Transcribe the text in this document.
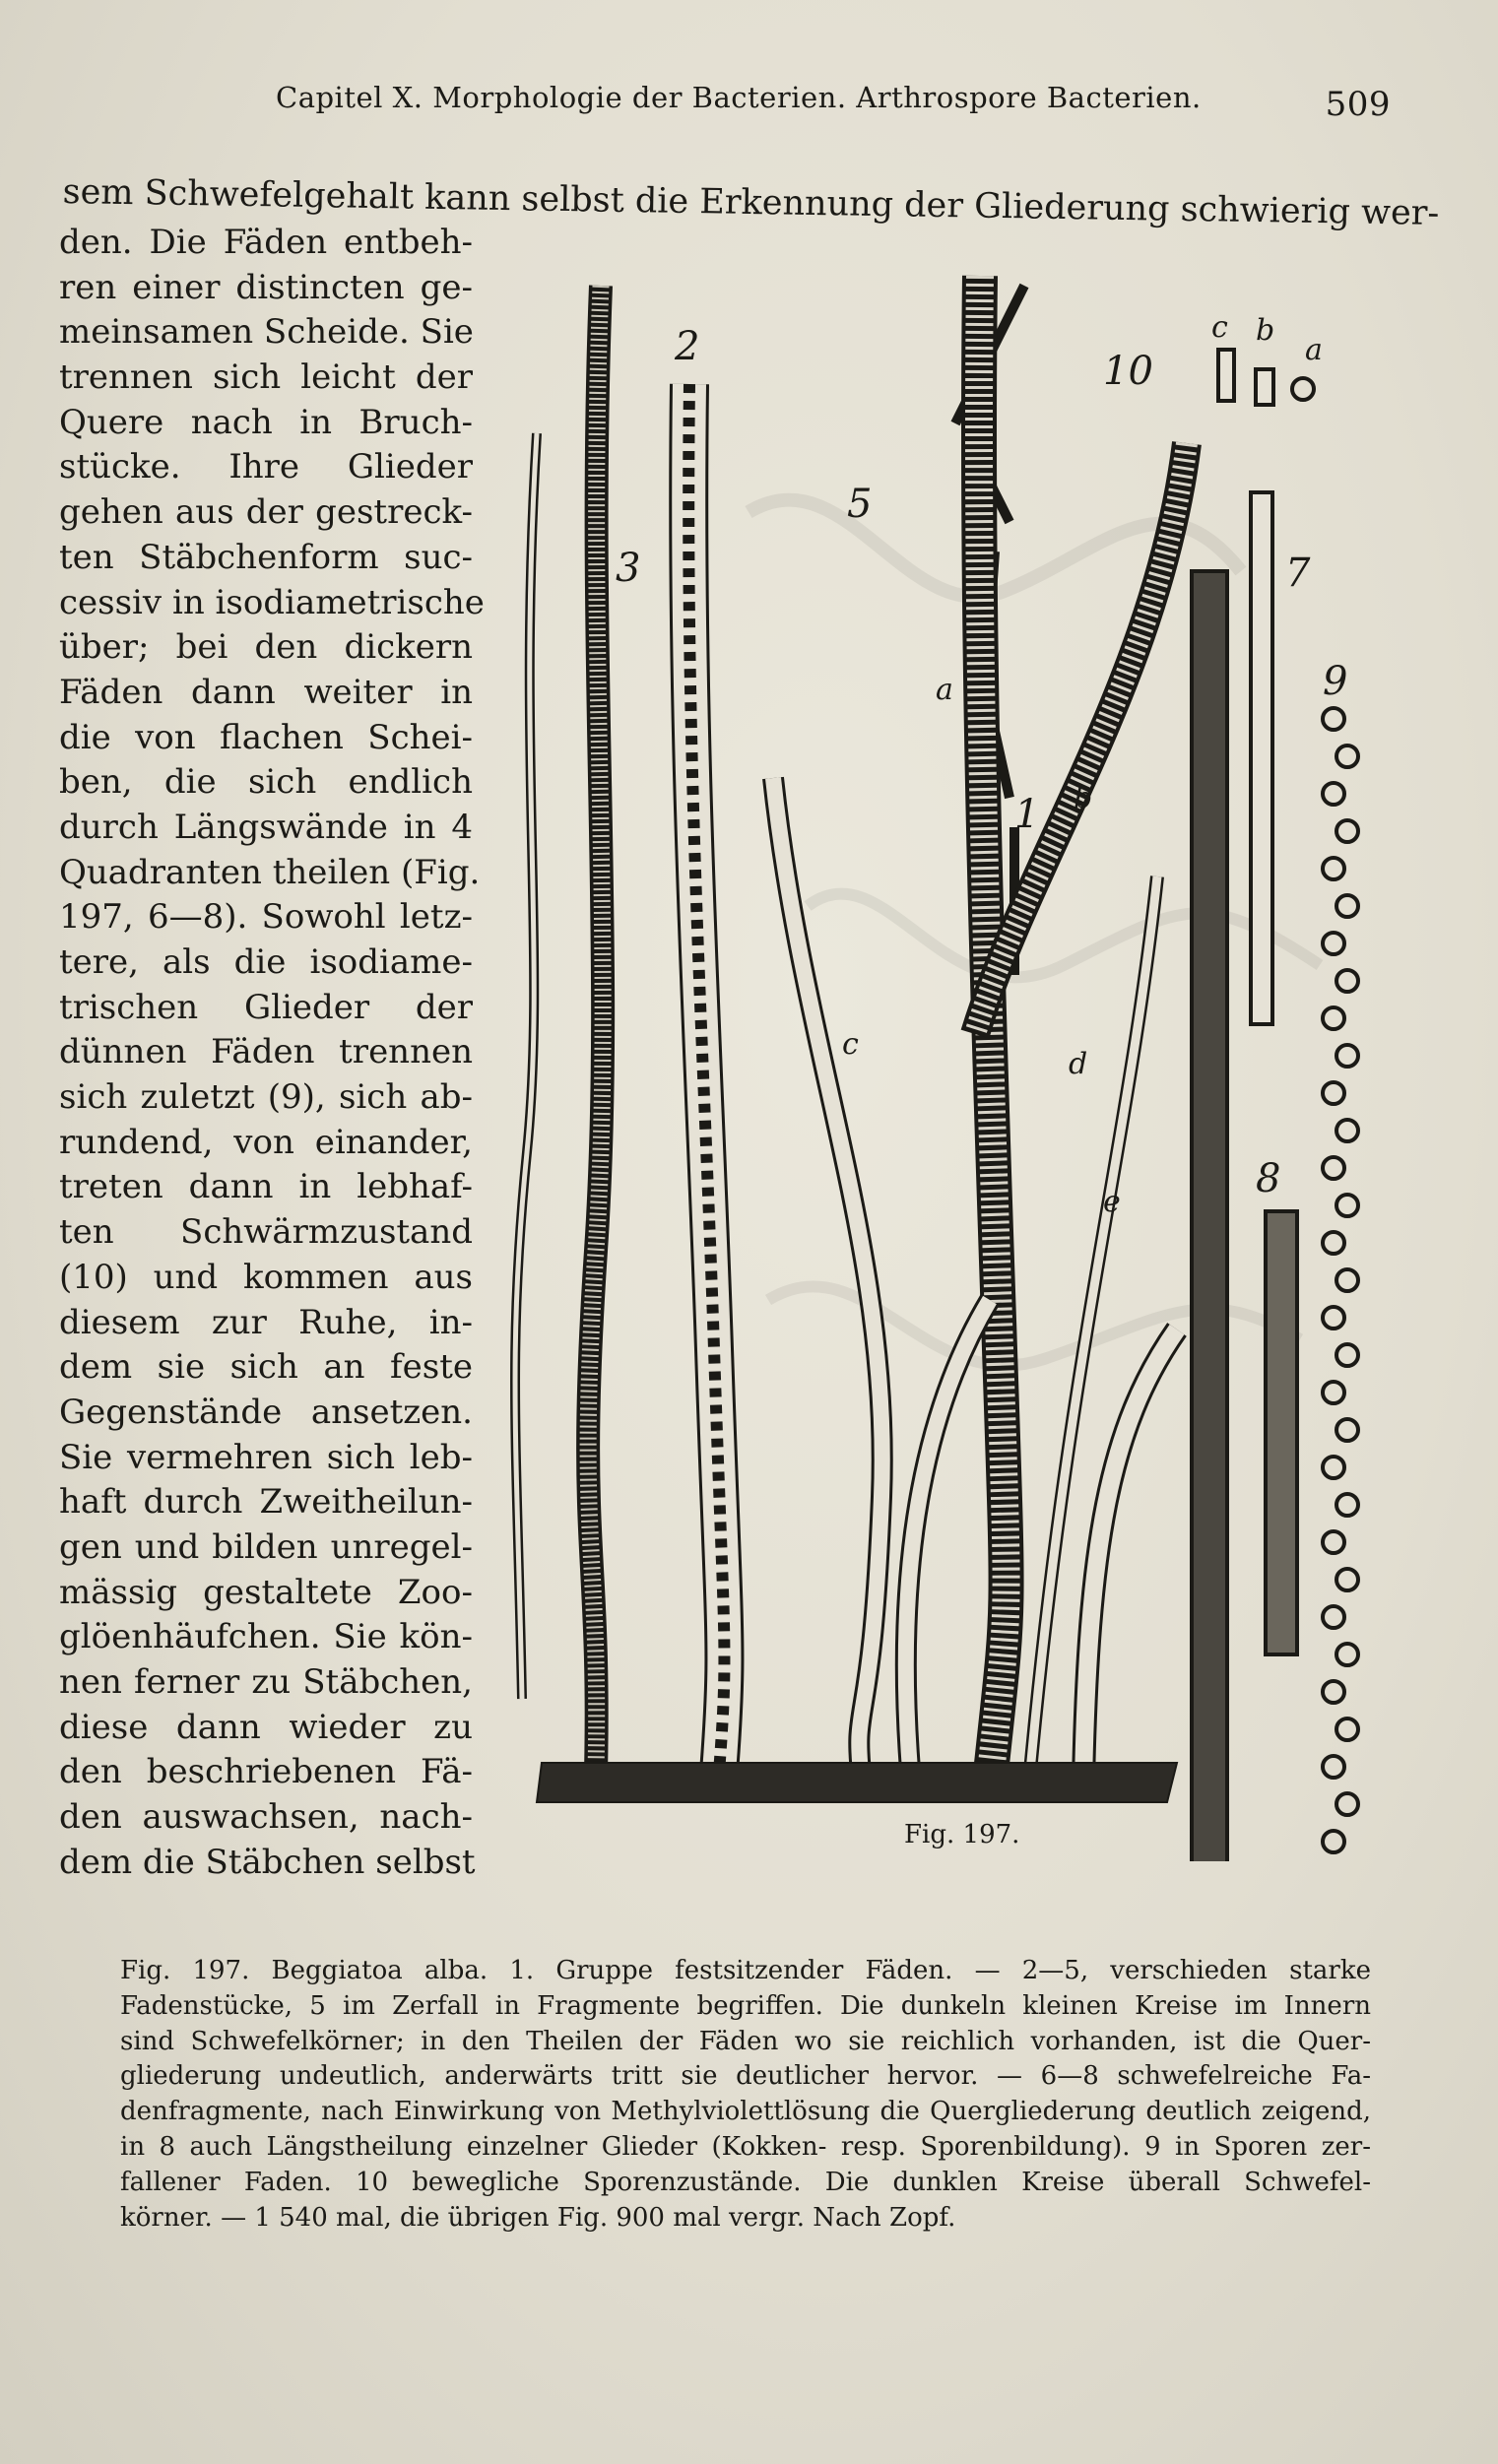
Capitel X. Morphologie der Bacterien. Arthrospore Bacterien.	509
sem Schwefelgehalt kann selbst die Erkennung der Gliederung schwierig wer-
den. Die Fäden entbeh-
ren einer distincten ge-
meinsamen Scheide. Sie
trennen sich leicht der
Quere nach in Bruch-
stücke. Ihre Glieder
gehen aus der gestreck-
ten Stäbchenform suc-
cessiv in isodiametrische
über; bei den dickern
Fäden dann weiter in
die von flachen Schei-
ben, die sich endlich
durch Längswände in 4
Quadranten theilen (Fig.
197, 6—8). Sowohl letz-
tere, als die isodiame-
trischen Glieder der
dünnen Fäden trennen
sich zuletzt (9), sich ab-
rundend, von einander,
treten dann in lebhaf-
ten Schwärmzustand
(10) und kommen aus
diesem zur Ruhe, in-
dem sie sich an feste
Gegenstände ansetzen.
Sie vermehren sich leb-
haft durch Zweitheilun-
gen und bilden unregel-
mässig gestaltete Zoo-
glöenhäufchen. Sie kön-
nen ferner zu Stäbchen,
diese dann wieder zu
den beschriebenen Fä-
den auswachsen, nach-
dem die Stäbchen selbst
3
2
5
1
10
7
9
8
a
b
c
d
e
a
b
c
Fig. 197.
Fig. 197. Beggiatoa alba. 1. Gruppe festsitzender Fäden. — 2—5, verschieden starke
Fadenstücke, 5 im Zerfall in Fragmente begriffen. Die dunkeln kleinen Kreise im Innern
sind Schwefelkörner; in den Theilen der Fäden wo sie reichlich vorhanden, ist die Quer-
gliederung undeutlich, anderwärts tritt sie deutlicher hervor. — 6—8 schwefelreiche Fa-
denfragmente, nach Einwirkung von Methylviolettlösung die Quergliederung deutlich zeigend,
in 8 auch Längstheilung einzelner Glieder (Kokken- resp. Sporenbildung). 9 in Sporen zer-
fallener Faden. 10 bewegliche Sporenzustände. Die dunklen Kreise überall Schwefel-
körner. — 1 540 mal, die übrigen Fig. 900 mal vergr. Nach Zopf.
